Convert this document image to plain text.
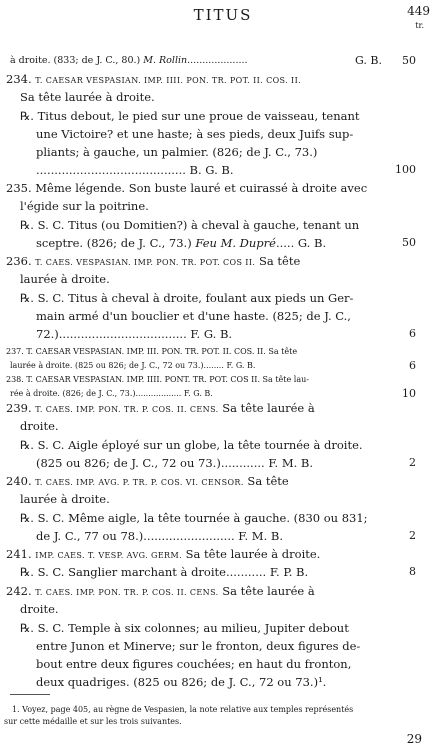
TITUS	449
tr.
à droite. (833; de J. C., 80.) M. Rollin....................	G. B. 50
234. T. CAESAR VESPASIAN. IMP. IIII. PON. TR. POT. II. COS. II.
Sa tête laurée à droite.
℞. Titus debout, le pied sur une proue de vaisseau, tenant
une Victoire? et une haste; à ses pieds, deux Juifs sup-
pliants; à gauche, un palmier. (826; de J. C., 73.)
......................................... B. G. B.	100
235. Même légende. Son buste lauré et cuirassé à droite avec
l'égide sur la poitrine.
℞. S. C. Titus (ou Domitien?) à cheval à gauche, tenant un
sceptre. (826; de J. C., 73.) Feu M. Dupré..... G. B.	50
236. T. CAES. VESPASIAN. IMP. PON. TR. POT. COS II. Sa tête
laurée à droite.
℞. S. C. Titus à cheval à droite, foulant aux pieds un Ger-
main armé d'un bouclier et d'une haste. (825; de J. C.,
72.)................................... F. G. B.	6
237. T. CAESAR VESPASIAN. IMP. III. PON. TR. POT. II. COS. II. Sa tête
laurée à droite. (825 ou 826; de J. C., 72 ou 73.)........ F. G. B.	6
238. T. CAESAR VESPASIAN. IMP. IIII. PONT. TR. POT. COS II. Sa tête lau-
rée à droite. (826; de J. C., 73.).................. F. G. B.	10
239. T. CAES. IMP. PON. TR. P. COS. II. CENS. Sa tête laurée à
droite.
℞. S. C. Aigle éployé sur un globe, la tête tournée à droite.
(825 ou 826; de J. C., 72 ou 73.)............ F. M. B.	2
240. T. CAES. IMP. AVG. P. TR. P. COS. VI. CENSOR. Sa tête
laurée à droite.
℞. S. C. Même aigle, la tête tournée à gauche. (830 ou 831;
de J. C., 77 ou 78.)......................... F. M. B.	2
241. IMP. CAES. T. VESP. AVG. GERM. Sa tête laurée à droite.
℞. S. C. Sanglier marchant à droite........... F. P. B.	8
242. T. CAES. IMP. PON. TR. P. COS. II. CENS. Sa tête laurée à
droite.
℞. S. C. Temple à six colonnes; au milieu, Jupiter debout
entre Junon et Minerve; sur le fronton, deux figures de-
bout entre deux figures couchées; en haut du fronton,
deux quadriges. (825 ou 826; de J. C., 72 ou 73.)¹.
1. Voyez, page 405, au règne de Vespasien, la note relative aux temples représentés
sur cette médaille et sur les trois suivantes.
29
